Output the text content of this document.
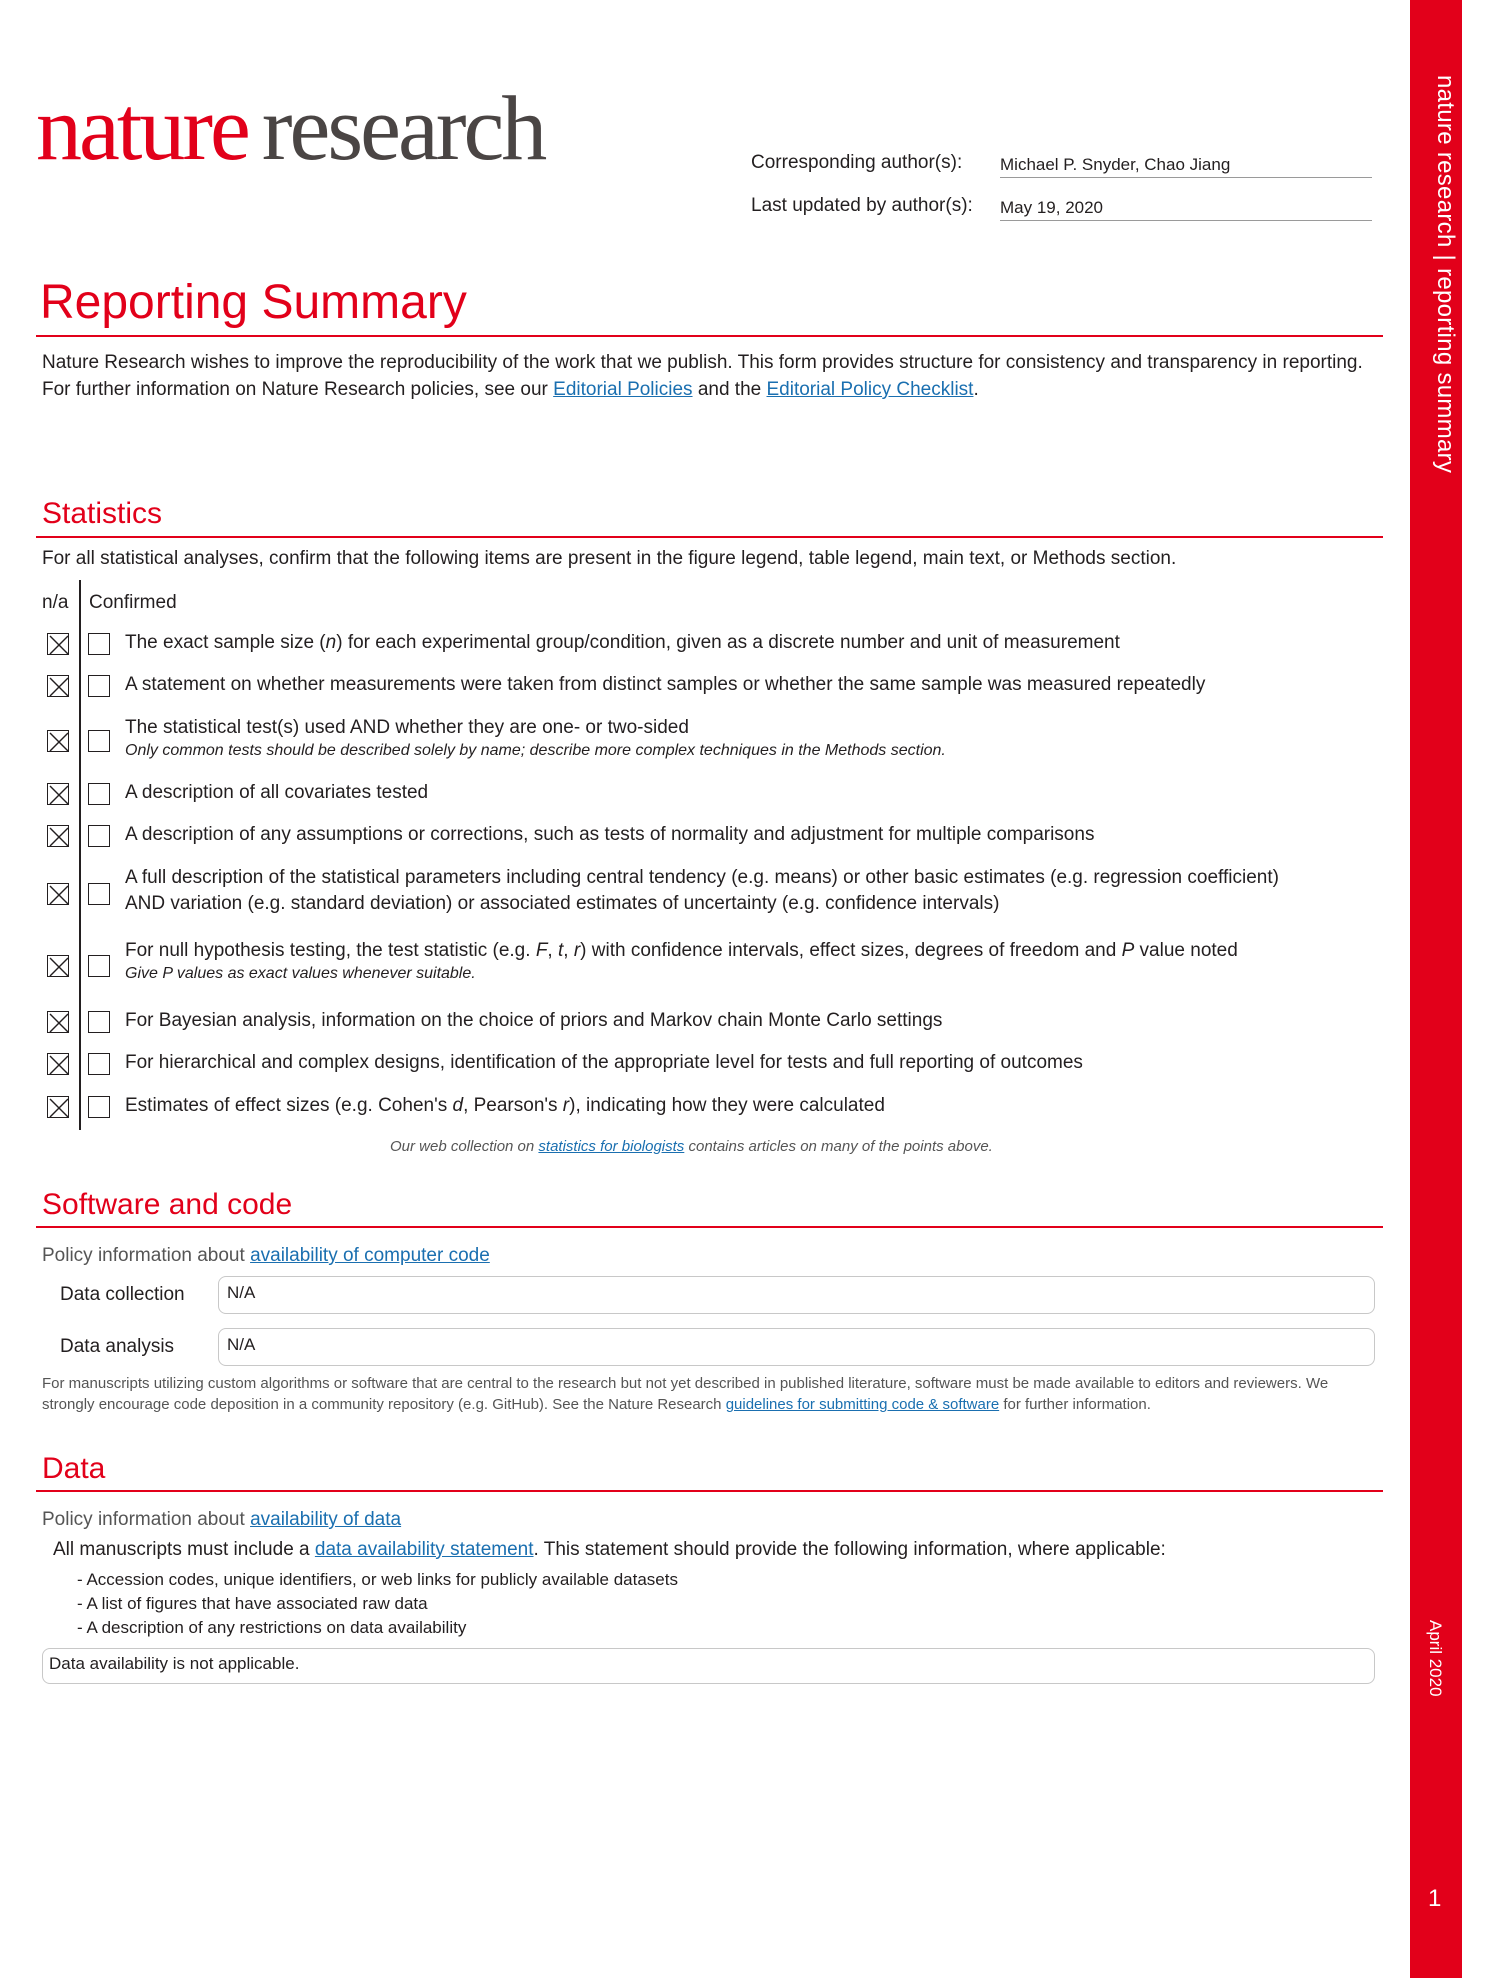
nature research | reporting summary
April 2020
1
nature research	Corresponding author(s): Michael P. Snyder, Chao Jiang
Last updated by author(s): May 19, 2020
Reporting Summary
Nature Research wishes to improve the reproducibility of the work that we publish. This form provides structure for consistency and transparency in reporting. For further information on Nature Research policies, see our Editorial Policies and the Editorial Policy Checklist.
Statistics
For all statistical analyses, confirm that the following items are present in the figure legend, table legend, main text, or Methods section.
n/a Confirmed
The exact sample size (n) for each experimental group/condition, given as a discrete number and unit of measurement
A statement on whether measurements were taken from distinct samples or whether the same sample was measured repeatedly
The statistical test(s) used AND whether they are one- or two-sided
Only common tests should be described solely by name; describe more complex techniques in the Methods section.
A description of all covariates tested
A description of any assumptions or corrections, such as tests of normality and adjustment for multiple comparisons
A full description of the statistical parameters including central tendency (e.g. means) or other basic estimates (e.g. regression coefficient)
AND variation (e.g. standard deviation) or associated estimates of uncertainty (e.g. confidence intervals)
For null hypothesis testing, the test statistic (e.g. F, t, r) with confidence intervals, effect sizes, degrees of freedom and P value noted
Give P values as exact values whenever suitable.
For Bayesian analysis, information on the choice of priors and Markov chain Monte Carlo settings
For hierarchical and complex designs, identification of the appropriate level for tests and full reporting of outcomes
Estimates of effect sizes (e.g. Cohen's d, Pearson's r), indicating how they were calculated
Our web collection on statistics for biologists contains articles on many of the points above.
Software and code
Policy information about availability of computer code
Data collection	N/A
Data analysis	N/A
For manuscripts utilizing custom algorithms or software that are central to the research but not yet described in published literature, software must be made available to editors and reviewers. We strongly encourage code deposition in a community repository (e.g. GitHub). See the Nature Research guidelines for submitting code & software for further information.
Data
Policy information about availability of data
All manuscripts must include a data availability statement. This statement should provide the following information, where applicable:
- Accession codes, unique identifiers, or web links for publicly available datasets
- A list of figures that have associated raw data
- A description of any restrictions on data availability
Data availability is not applicable.
